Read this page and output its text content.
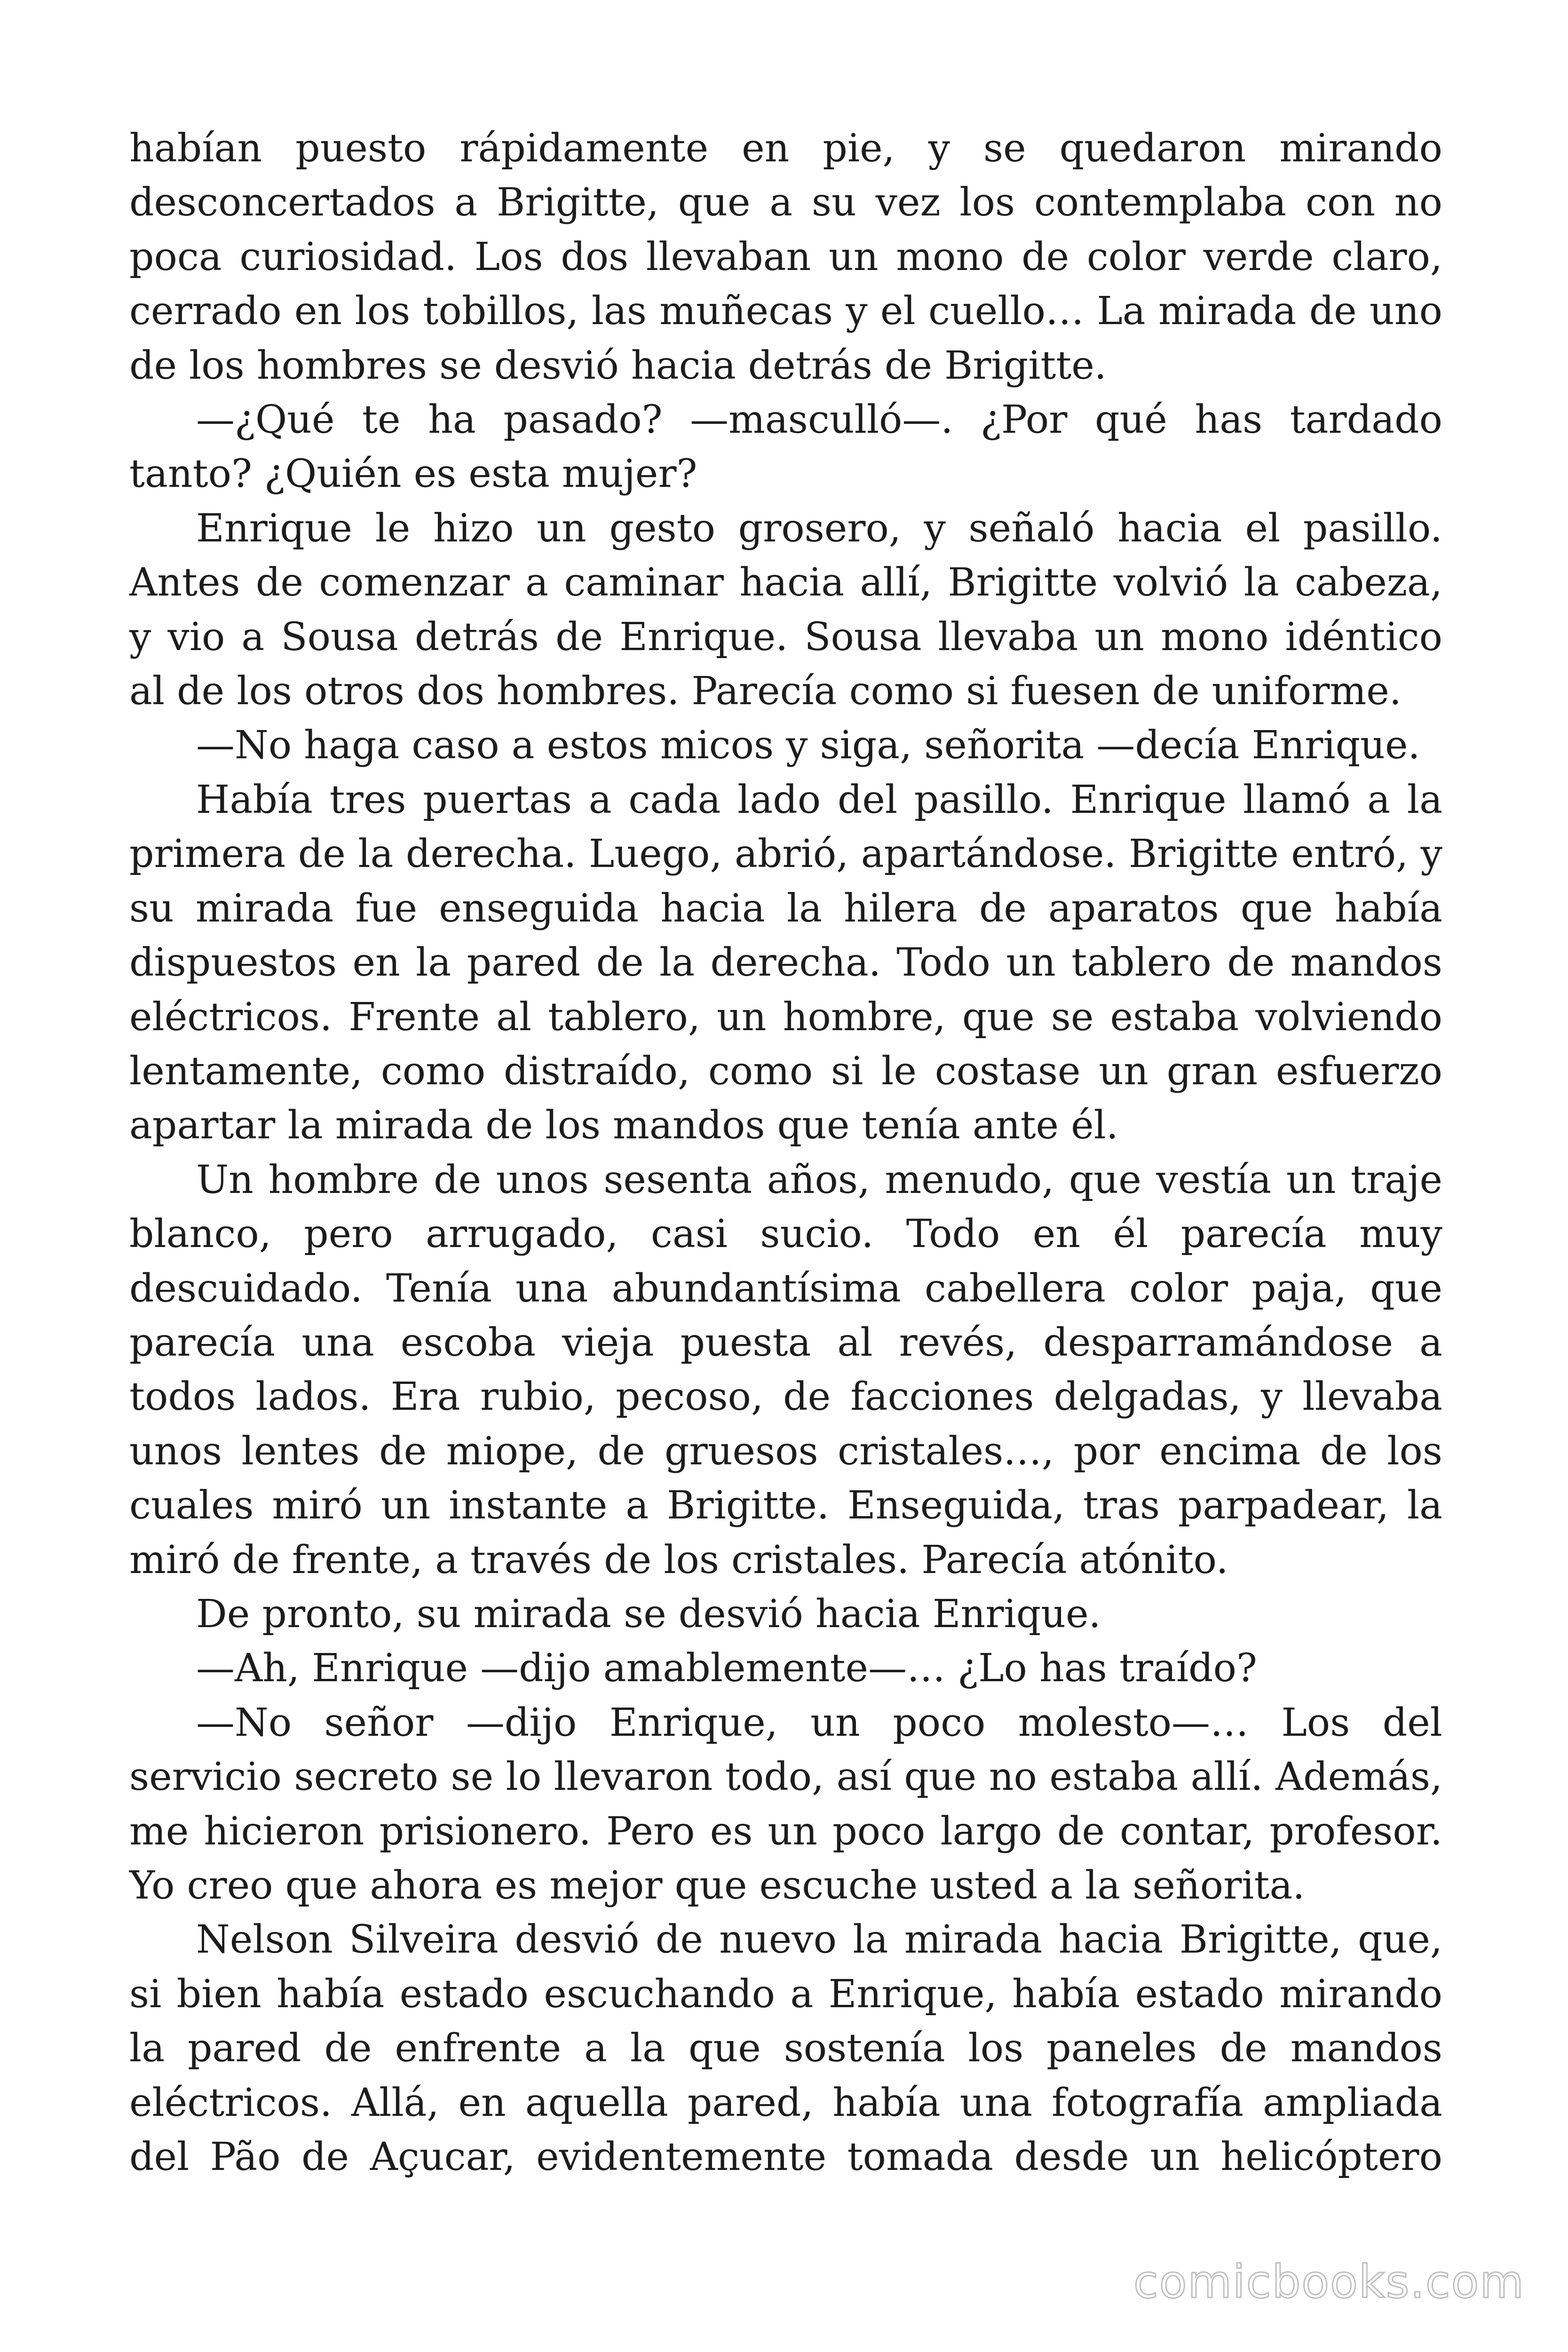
habían puesto rápidamente en pie, y se quedaron mirando desconcertados a Brigitte, que a su vez los contemplaba con no poca curiosidad. Los dos llevaban un mono de color verde claro, cerrado en los tobillos, las muñecas y el cuello… La mirada de uno de los hombres se desvió hacia detrás de Brigitte.

—¿Qué te ha pasado? —masculló—. ¿Por qué has tardado tanto? ¿Quién es esta mujer?

Enrique le hizo un gesto grosero, y señaló hacia el pasillo. Antes de comenzar a caminar hacia allí, Brigitte volvió la cabeza, y vio a Sousa detrás de Enrique. Sousa llevaba un mono idéntico al de los otros dos hombres. Parecía como si fuesen de uniforme.

—No haga caso a estos micos y siga, señorita —decía Enrique.

Había tres puertas a cada lado del pasillo. Enrique llamó a la primera de la derecha. Luego, abrió, apartándose. Brigitte entró, y su mirada fue enseguida hacia la hilera de aparatos que había dispuestos en la pared de la derecha. Todo un tablero de mandos eléctricos. Frente al tablero, un hombre, que se estaba volviendo lentamente, como distraído, como si le costase un gran esfuerzo apartar la mirada de los mandos que tenía ante él.

Un hombre de unos sesenta años, menudo, que vestía un traje blanco, pero arrugado, casi sucio. Todo en él parecía muy descuidado. Tenía una abundantísima cabellera color paja, que parecía una escoba vieja puesta al revés, desparramándose a todos lados. Era rubio, pecoso, de facciones delgadas, y llevaba unos lentes de miope, de gruesos cristales…, por encima de los cuales miró un instante a Brigitte. Enseguida, tras parpadear, la miró de frente, a través de los cristales. Parecía atónito.

De pronto, su mirada se desvió hacia Enrique.

—Ah, Enrique —dijo amablemente—… ¿Lo has traído?

—No señor —dijo Enrique, un poco molesto—… Los del servicio secreto se lo llevaron todo, así que no estaba allí. Además, me hicieron prisionero. Pero es un poco largo de contar, profesor. Yo creo que ahora es mejor que escuche usted a la señorita.

Nelson Silveira desvió de nuevo la mirada hacia Brigitte, que, si bien había estado escuchando a Enrique, había estado mirando la pared de enfrente a la que sostenía los paneles de mandos eléctricos. Allá, en aquella pared, había una fotografía ampliada del Pão de Açucar, evidentemente tomada desde un helicóptero

comicbooks.com
